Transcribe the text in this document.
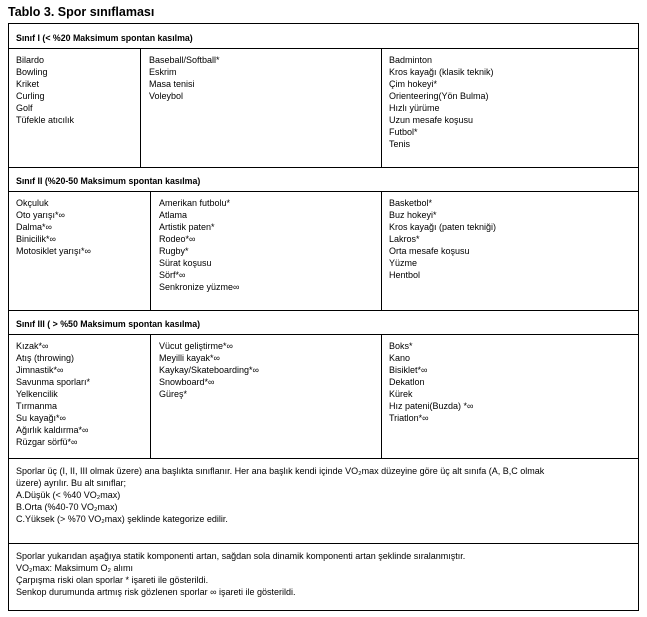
Tablo 3. Spor sınıflaması
Sınıf I (< %20 Maksimum spontan kasılma)
Bilardo
Bowling
Kriket
Curling
Golf
Tüfekle atıcılık
Baseball/Softball*
Eskrim
Masa tenisi
Voleybol
Badminton
Kros kayağı (klasik teknik)
Çim hokeyi*
Orienteering(Yön Bulma)
Hızlı yürüme
Uzun mesafe koşusu
Futbol*
Tenis
Sınıf II (%20-50 Maksimum spontan kasılma)
Okçuluk
Oto yarışı*∞
Dalma*∞
Binicilik*∞
Motosiklet yarışı*∞
Amerikan futbolu*
Atlama
Artistik paten*
Rodeo*∞
Rugby*
Sürat koşusu
Sörf*∞
Senkronize yüzme∞
Basketbol*
Buz hokeyi*
Kros kayağı (paten tekniği)
Lakros*
Orta mesafe koşusu
Yüzme
Hentbol
Sınıf III ( > %50 Maksimum spontan kasılma)
Kızak*∞
Atış (throwing)
Jimnastik*∞
Savunma sporları*
Yelkencilik
Tırmanma
Su kayağı*∞
Ağırlık kaldırma*∞
Rüzgar sörfü*∞
Vücut geliştirme*∞
Meyilli kayak*∞
Kaykay/Skateboarding*∞
Snowboard*∞
Güreş*
Boks*
Kano
Bisiklet*∞
Dekatlon
Kürek
Hız pateni(Buzda) *∞
Triatlon*∞
Sporlar üç (I, II, III olmak üzere) ana başlıkta sınıflanır. Her ana başlık kendi içinde VO₂max düzeyine göre üç alt sınıfa (A, B,C olmak
üzere) ayrılır. Bu alt sınıflar;
A.Düşük (< %40 VO₂max)
B.Orta (%40-70 VO₂max)
C.Yüksek (> %70 VO₂max) şeklinde kategorize edilir.
Sporlar yukarıdan aşağıya statik komponenti artan, sağdan sola dinamik komponenti artan şeklinde sıralanmıştır.
VO₂max: Maksimum O₂ alımı
Çarpışma riski olan sporlar * işareti ile gösterildi.
Senkop durumunda artmış risk gözlenen sporlar ∞ işareti ile gösterildi.
